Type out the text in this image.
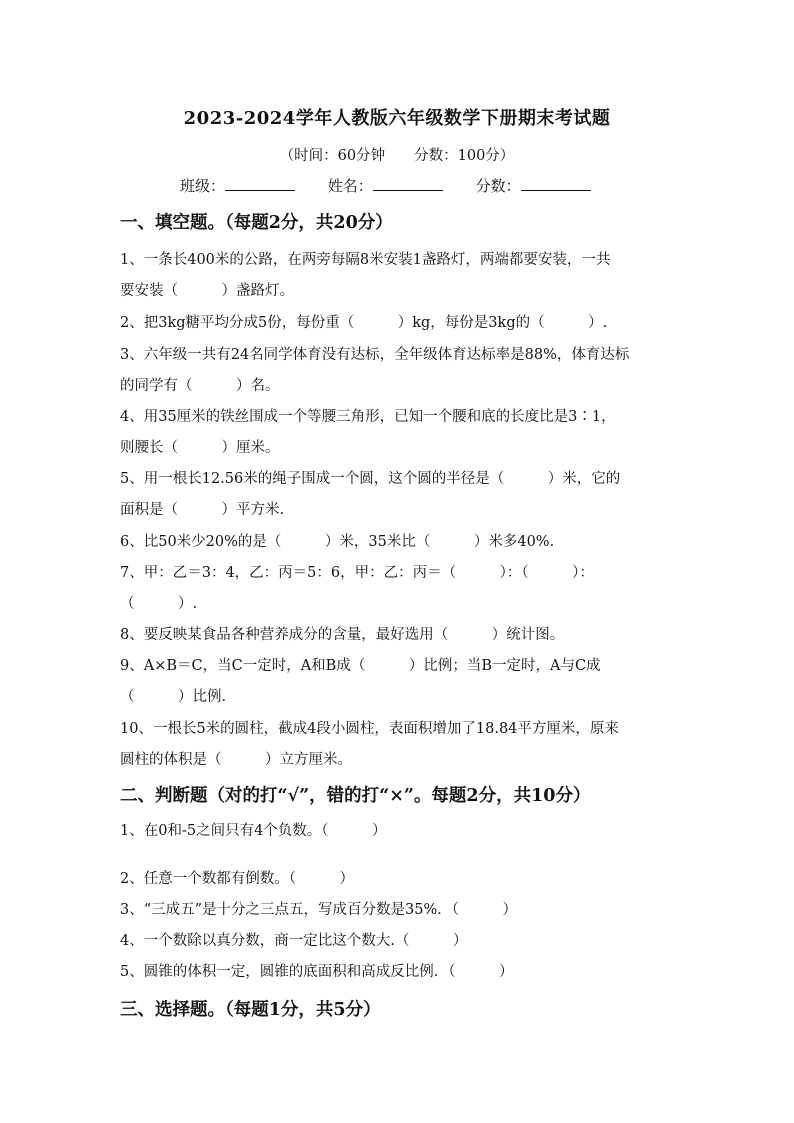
2023-2024学年人教版六年级数学下册期末考试题
（时间：60分钟　　分数：100分）
班级：	姓名：	分数：
一、填空题。（每题2分，共20分）
1、一条长400米的公路，在两旁每隔8米安装1盏路灯，两端都要安装，一共
要安装（　　　）盏路灯。
2、把3kg糖平均分成5份，每份重（　　　）kg，每份是3kg的（　　　）.
3、六年级一共有24名同学体育没有达标，全年级体育达标率是88%，体育达标
的同学有（　　　）名。
4、用35厘米的铁丝围成一个等腰三角形，已知一个腰和底的长度比是3∶1，
则腰长（　　　）厘米。
5、用一根长12.56米的绳子围成一个圆，这个圆的半径是（　　　）米，它的
面积是（　　　）平方米.
6、比50米少20%的是（　　　）米，35米比（　　　）米多40%.
7、甲：乙＝3：4，乙：丙＝5：6，甲：乙：丙＝（　　　）：（　　　）：
（　　　）.
8、要反映某食品各种营养成分的含量，最好选用（　　　）统计图。
9、A×B＝C，当C一定时，A和B成（　　　）比例；当B一定时，A与C成
（　　　）比例.
10、一根长5米的圆柱，截成4段小圆柱，表面积增加了18.84平方厘米，原来
圆柱的体积是（　　　）立方厘米。
二、判断题（对的打“√”，错的打“×”。每题2分，共10分）
1、在0和-5之间只有4个负数。（　　　）
2、任意一个数都有倒数。（　　　）
3、“三成五”是十分之三点五，写成百分数是35%．（　　　）
4、一个数除以真分数，商一定比这个数大.（　　　）
5、圆锥的体积一定，圆锥的底面积和高成反比例．（　　　）
三、选择题。（每题1分，共5分）
